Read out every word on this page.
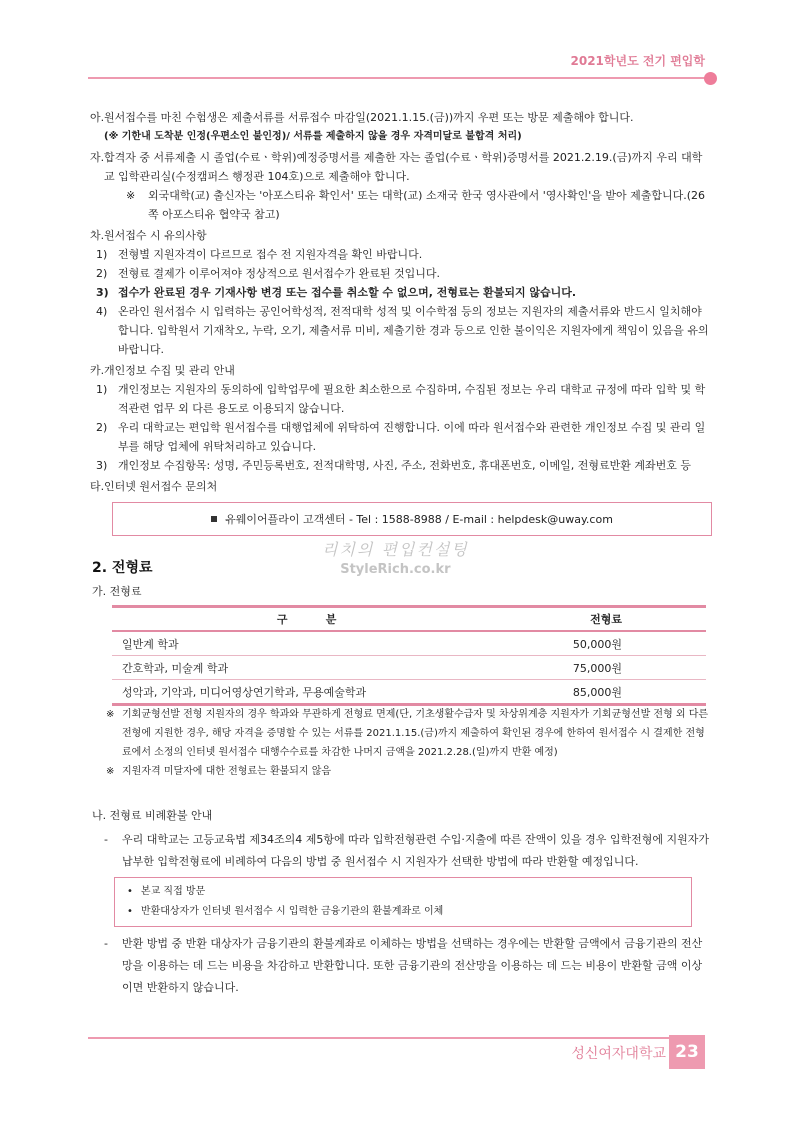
2021학년도 전기 편입학
아. 원서접수를 마친 수험생은 제출서류를 서류접수 마감일(2021.1.15.(금))까지 우편 또는 방문 제출해야 합니다.
(※ 기한내 도착분 인정(우편소인 불인정)/ 서류를 제출하지 않을 경우 자격미달로 불합격 처리)
자. 합격자 중 서류제출 시 졸업(수료ㆍ학위)예정증명서를 제출한 자는 졸업(수료ㆍ학위)증명서를 2021.2.19.(금)까지 우리 대학교 입학관리실(수정캠퍼스 행정관 104호)으로 제출해야 합니다.
※ 외국대학(교) 출신자는 '아포스티유 확인서' 또는 대학(교) 소재국 한국 영사관에서 '영사확인'을 받아 제출합니다.(26쪽 아포스티유 협약국 참고)
차. 원서접수 시 유의사항
1) 전형별 지원자격이 다르므로 접수 전 지원자격을 확인 바랍니다.
2) 전형료 결제가 이루어져야 정상적으로 원서접수가 완료된 것입니다.
3) 접수가 완료된 경우 기재사항 변경 또는 접수를 취소할 수 없으며, 전형료는 환불되지 않습니다.
4) 온라인 원서접수 시 입력하는 공인어학성적, 전적대학 성적 및 이수학점 등의 정보는 지원자의 제출서류와 반드시 일치해야 합니다. 입학원서 기재착오, 누락, 오기, 제출서류 미비, 제출기한 경과 등으로 인한 불이익은 지원자에게 책임이 있음을 유의 바랍니다.
카. 개인정보 수집 및 관리 안내
1) 개인정보는 지원자의 동의하에 입학업무에 필요한 최소한으로 수집하며, 수집된 정보는 우리 대학교 규정에 따라 입학 및 학적관련 업무 외 다른 용도로 이용되지 않습니다.
2) 우리 대학교는 편입학 원서접수를 대행업체에 위탁하여 진행합니다. 이에 따라 원서접수와 관련한 개인정보 수집 및 관리 일부를 해당 업체에 위탁처리하고 있습니다.
3) 개인정보 수집항목: 성명, 주민등록번호, 전적대학명, 사진, 주소, 전화번호, 휴대폰번호, 이메일, 전형료반환 계좌번호 등
타. 인터넷 원서접수 문의처
유웨이어플라이 고객센터 - Tel : 1588-8988 / E-mail : helpdesk@uway.com
리치의 편입컨설팅
StyleRich.co.kr
2. 전형료
가. 전형료
구          분	전형료
일반계 학과	50,000원
간호학과, 미술계 학과	75,000원
성악과, 기악과, 미디어영상연기학과, 무용예술학과	85,000원
※ 기회균형선발 전형 지원자의 경우 학과와 무관하게 전형료 면제(단, 기초생활수급자 및 차상위계층 지원자가 기회균형선발 전형 외 다른 전형에 지원한 경우, 해당 자격을 증명할 수 있는 서류를 2021.1.15.(금)까지 제출하여 확인된 경우에 한하여 원서접수 시 결제한 전형료에서 소정의 인터넷 원서접수 대행수수료를 차감한 나머지 금액을 2021.2.28.(일)까지 반환 예정)
※ 지원자격 미달자에 대한 전형료는 환불되지 않음
나. 전형료 비례환불 안내
- 우리 대학교는 고등교육법 제34조의4 제5항에 따라 입학전형관련 수입·지출에 따른 잔액이 있을 경우 입학전형에 지원자가 납부한 입학전형료에 비례하여 다음의 방법 중 원서접수 시 지원자가 선택한 방법에 따라 반환할 예정입니다.
• 본교 직접 방문
• 반환대상자가 인터넷 원서접수 시 입력한 금융기관의 환불계좌로 이체
- 반환 방법 중 반환 대상자가 금융기관의 환불계좌로 이체하는 방법을 선택하는 경우에는 반환할 금액에서 금융기관의 전산망을 이용하는 데 드는 비용을 차감하고 반환합니다. 또한 금융기관의 전산망을 이용하는 데 드는 비용이 반환할 금액 이상이면 반환하지 않습니다.
성신여자대학교 23
